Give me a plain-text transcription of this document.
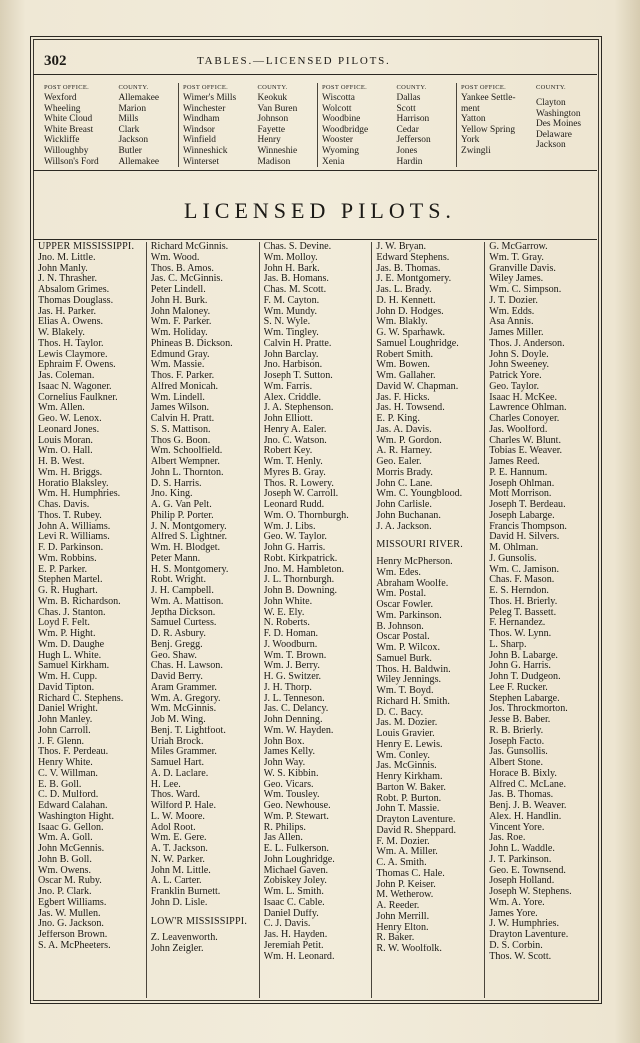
302	TABLES.—LICENSED PILOTS.
POST OFFICE.
Wexford
Wheeling
White Cloud
White Breast
Wickliffe
Willoughby
Willson's Ford
COUNTY.
Allemakee
Marion
Mills
Clark
Jackson
Butler
Allemakee
POST OFFICE.
Wimer's Mills
Winchester
Windham
Windsor
Winfield
Winneshick
Winterset
COUNTY.
Keokuk
Van Buren
Johnson
Fayette
Henry
Winneshie
Madison
POST OFFICE.
Wiscotta
Wolcott
Woodbine
Woodbridge
Wooster
Wyoming
Xenia
COUNTY.
Dallas
Scott
Harrison
Cedar
Jefferson
Jones
Hardin
POST OFFICE.
Yankee Settle-
ment
Yatton
Yellow Spring
York
Zwingli
COUNTY.
Clayton
Washington
Des Moines
Delaware
Jackson
LICENSED PILOTS.
UPPER MISSISSIPPI.
Jno. M. Little.
John Manly.
J. N. Thrasher.
Absalom Grimes.
Thomas Douglass.
Jas. H. Parker.
Elias A. Owens.
W. Blakely.
Thos. H. Taylor.
Lewis Claymore.
Ephraim F. Owens.
Jas. Coleman.
Isaac N. Wagoner.
Cornelius Faulkner.
Wm. Allen.
Geo. W. Lenox.
Leonard Jones.
Louis Moran.
Wm. O. Hall.
H. B. West.
Wm. H. Briggs.
Horatio Blaksley.
Wm. H. Humphries.
Chas. Davis.
Thos. T. Rubey.
John A. Williams.
Levi R. Williams.
F. D. Parkinson.
Wm. Robbins.
E. P. Parker.
Stephen Martel.
G. R. Hughart.
Wm. B. Richardson.
Chas. J. Stanton.
Loyd F. Felt.
Wm. P. Hight.
Wm. D. Daughe
Hugh L. White.
Samuel Kirkham.
Wm. H. Cupp.
David Tipton.
Richard C. Stephens.
Daniel Wright.
John Manley.
John Carroll.
J. F. Glenn.
Thos. F. Perdeau.
Henry White.
C. V. Willman.
E. B. Goll.
C. D. Mulford.
Edward Calahan.
Washington Hight.
Isaac G. Gellon.
Wm. A. Goll.
John McGennis.
John B. Goll.
Wm. Owens.
Oscar M. Ruby.
Jno. P. Clark.
Egbert Williams.
Jas. W. Mullen.
Jno. G. Jackson.
Jefferson Brown.
S. A. McPheeters.
Richard McGinnis.
Wm. Wood.
Thos. B. Amos.
Jas. C. McGinnis.
Peter Lindell.
John H. Burk.
John Maloney.
Wm. F. Parker.
Wm. Holiday.
Phineas B. Dickson.
Edmund Gray.
Wm. Massie.
Thos. F. Parker.
Alfred Monicah.
Wm. Lindell.
James Wilson.
Calvin H. Pratt.
S. S. Mattison.
Thos G. Boon.
Wm. Schoolfield.
Albert Wempner.
John L. Thornton.
D. S. Harris.
Jno. King.
A. G. Van Pelt.
Philip P. Porter.
J. N. Montgomery.
Alfred S. Lightner.
Wm. H. Blodget.
Peter Mann.
H. S. Montgomery.
Robt. Wright.
J. H. Campbell.
Wm. A. Mattison.
Jeptha Dickson.
Samuel Curtess.
D. R. Asbury.
Benj. Gregg.
Geo. Shaw.
Chas. H. Lawson.
David Berry.
Aram Grammer.
Wm. A. Gregory.
Wm. McGinnis.
Job M. Wing.
Benj. T. Lightfoot.
Uriah Brock.
Miles Grammer.
Samuel Hart.
A. D. Laclare.
H. Lee.
Thos. Ward.
Wilford P. Hale.
L. W. Moore.
Adol Root.
Wm. E. Gere.
A. T. Jackson.
N. W. Parker.
John M. Little.
A. L. Carter.
Franklin Burnett.
John D. Lisle.
LOW'R MISSISSIPPI.
Z. Leavenworth.
John Zeigler.
Chas. S. Devine.
Wm. Molloy.
John H. Bark.
Jas. B. Homans.
Chas. M. Scott.
F. M. Cayton.
Wm. Mundy.
S. N. Wyle.
Wm. Tingley.
Calvin H. Pratte.
John Barclay.
Jno. Harbison.
Joseph T. Sutton.
Wm. Farris.
Alex. Criddle.
J. A. Stephenson.
John Elliott.
Henry A. Ealer.
Jno. C. Watson.
Robert Key.
Wm. T. Henly.
Myres B. Gray.
Thos. R. Lowery.
Joseph W. Carroll.
Leonard Rudd.
Wm. O. Thornburgh.
Wm. J. Libs.
Geo. W. Taylor.
John G. Harris.
Robt. Kirkpatrick.
Jno. M. Hambleton.
J. L. Thornburgh.
John B. Downing.
John White.
W. E. Ely.
N. Roberts.
F. D. Homan.
J. Woodburn.
Wm. T. Brown.
Wm. J. Berry.
H. G. Switzer.
J. H. Thorp.
J. L. Tenneson.
Jas. C. Delancy.
John Denning.
Wm. W. Hayden.
John Box.
James Kelly.
John Way.
W. S. Kibbin.
Geo. Vicars.
Wm. Tousley.
Geo. Newhouse.
Wm. P. Stewart.
R. Philips.
Jas Allen.
E. L. Fulkerson.
John Loughridge.
Michael Gaven.
Zobiskey Joley.
Wm. L. Smith.
Isaac C. Cable.
Daniel Duffy.
C. J. Davis.
Jas. H. Hayden.
Jeremiah Petit.
Wm. H. Leonard.
J. W. Bryan.
Edward Stephens.
Jas. B. Thomas.
J. E. Montgomery.
Jas. L. Brady.
D. H. Kennett.
John D. Hodges.
Wm. Blakly.
G. W. Sparhawk.
Samuel Loughridge.
Robert Smith.
Wm. Bowen.
Wm. Gallaher.
David W. Chapman.
Jas. F. Hicks.
Jas. H. Towsend.
E. P. King.
Jas. A. Davis.
Wm. P. Gordon.
A. R. Harney.
Geo. Ealer.
Morris Brady.
John C. Lane.
Wm. C. Youngblood.
John Carlisle.
John Buchanan.
J. A. Jackson.
MISSOURI RIVER.
Henry McPherson.
Wm. Edes.
Abraham Woolfe.
Wm. Postal.
Oscar Fowler.
Wm. Parkinson.
B. Johnson.
Oscar Postal.
Wm. P. Wilcox.
Samuel Burk.
Thos. H. Baldwin.
Wiley Jennings.
Wm. T. Boyd.
Richard H. Smith.
D. C. Bacy.
Jas. M. Dozier.
Louis Gravier.
Henry E. Lewis.
Wm. Conley.
Jas. McGinnis.
Henry Kirkham.
Barton W. Baker.
Robt. P. Burton.
John T. Massie.
Drayton Laventure.
David R. Sheppard.
F. M. Dozier.
Wm. A. Miller.
C. A. Smith.
Thomas C. Hale.
John P. Keiser.
M. Wetherow.
A. Reeder.
John Merrill.
Henry Elton.
R. Baker.
R. W. Woolfolk.
G. McGarrow.
Wm. T. Gray.
Granville Davis.
Wiley James.
Wm. C. Simpson.
J. T. Dozier.
Wm. Edds.
Asa Annis.
James Miller.
Thos. J. Anderson.
John S. Doyle.
John Sweeney.
Patrick Yore.
Geo. Taylor.
Isaac H. McKee.
Lawrence Ohlman.
Charles Conoyer.
Jas. Woolford.
Charles W. Blunt.
Tobias E. Weaver.
James Reed.
P. E. Hannum.
Joseph Ohlman.
Mott Morrison.
Joseph T. Berdeau.
Joseph Labarge.
Francis Thompson.
David H. Silvers.
M. Ohlman.
J. Gunsolis.
Wm. C. Jamison.
Chas. F. Mason.
E. S. Herndon.
Thos. H. Brierly.
Peleg T. Bassett.
F. Hernandez.
Thos. W. Lynn.
L. Sharp.
John B. Labarge.
John G. Harris.
John T. Dudgeon.
Lee F. Rucker.
Stephen Labarge.
Jos. Throckmorton.
Jesse B. Baber.
R. B. Brierly.
Joseph Facto.
Jas. Gunsollis.
Albert Stone.
Horace B. Bixly.
Alfred C. McLane.
Jas. B. Thomas.
Benj. J. B. Weaver.
Alex. H. Handlin.
Vincent Yore.
Jas. Roe.
John L. Waddle.
J. T. Parkinson.
Geo. E. Townsend.
Joseph Holland.
Joseph W. Stephens.
Wm. A. Yore.
James Yore.
J. W. Humphries.
Drayton Laventure.
D. S. Corbin.
Thos. W. Scott.
